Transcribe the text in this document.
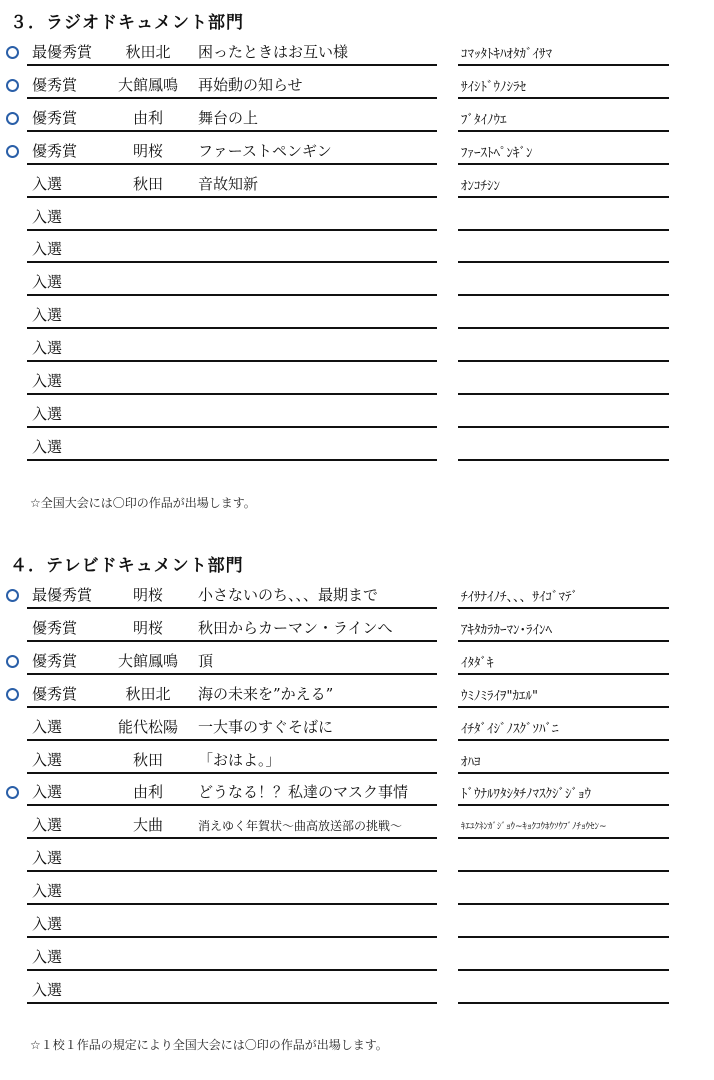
３．ラジオドキュメント部門
最優秀賞	秋田北	困ったときはお互い様	ｺﾏｯﾀﾄｷﾊｵﾀｶﾞｲｻﾏ
優秀賞	大館鳳鳴	再始動の知らせ	ｻｲｼﾄﾞｳﾉｼﾗｾ
優秀賞	由利	舞台の上	ﾌﾞﾀｲﾉｳｴ
優秀賞	明桜	ファーストペンギン	ﾌｧｰｽﾄﾍﾟﾝｷﾞﾝ
入選	秋田	音故知新	ｵﾝｺﾁｼﾝ
入選
入選
入選
入選
入選
入選
入選
入選
☆全国大会には〇印の作品が出場します。
４．テレビドキュメント部門
最優秀賞	明桜	小さないのち、、、最期まで	ﾁｲｻﾅｲﾉﾁ、、、ｻｲｺﾞﾏﾃﾞ
優秀賞	明桜	秋田からカーマン・ラインへ	ｱｷﾀｶﾗｶｰﾏﾝ･ﾗｲﾝﾍ
優秀賞	大館鳳鳴	頂	ｲﾀﾀﾞｷ
優秀賞	秋田北	海の未来を”かえる”	ｳﾐﾉﾐﾗｲｦ"ｶｴﾙ"
入選	能代松陽	一大事のすぐそばに	ｲﾁﾀﾞｲｼﾞﾉｽｸﾞｿﾊﾞﾆ
入選	秋田	「おはよ。」	ｵﾊﾖ
入選	由利	どうなる！？私達のマスク事情	ﾄﾞｳﾅﾙﾜﾀｼﾀﾁﾉﾏｽｸｼﾞｼﾞｮｳ
入選	大曲	消えゆく年賀状～曲高放送部の挑戦～	ｷｴﾕｸﾈﾝｶﾞｼﾞｮｳ~ｷｮｸｺｳﾎｳｿｳﾌﾞﾉﾁｮｳｾﾝ~
入選
入選
入選
入選
入選
☆１校１作品の規定により全国大会には〇印の作品が出場します。
